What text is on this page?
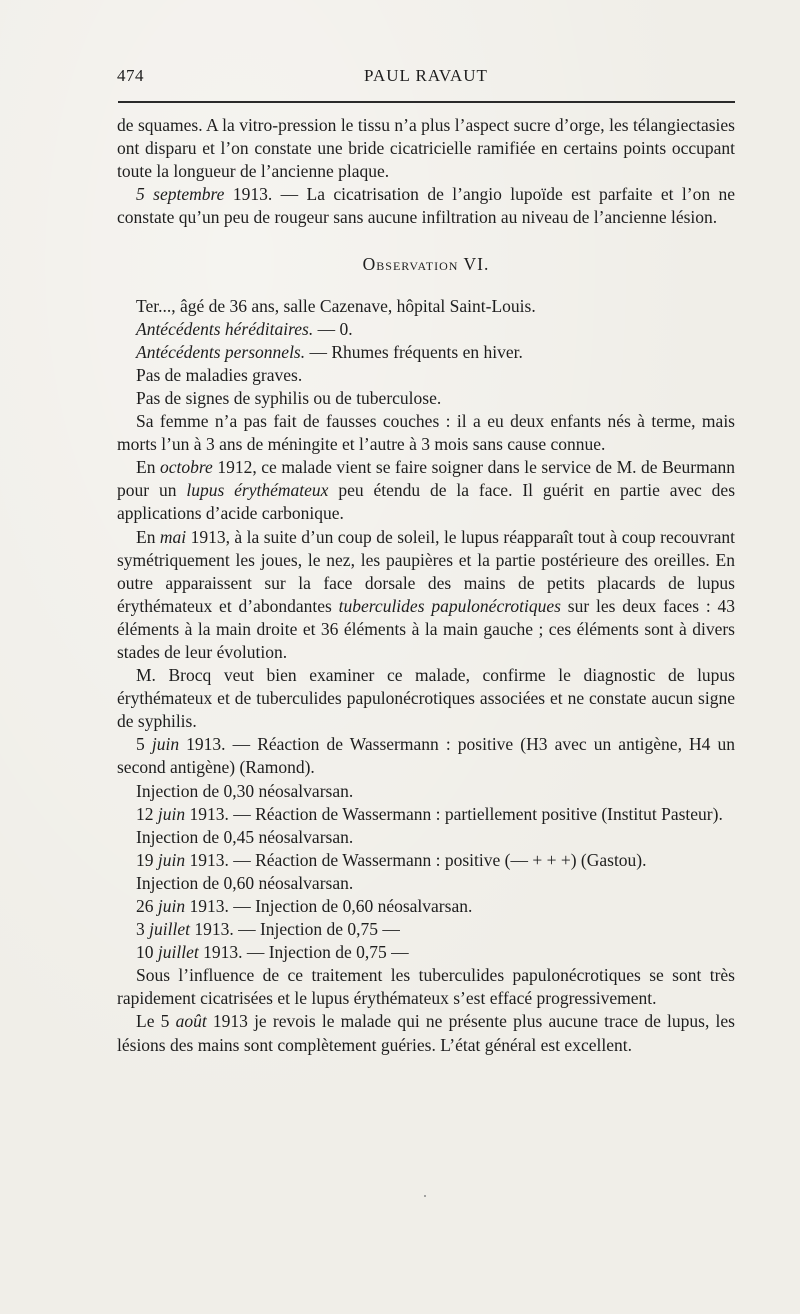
474	PAUL RAVAUT

de squames. A la vitro-pression le tissu n’a plus l’aspect sucre d’orge, les télangiectasies ont disparu et l’on constate une bride cicatricielle ramifiée en certains points occupant toute la longueur de l’ancienne plaque.

5 septembre 1913. — La cicatrisation de l’angio lupoïde est parfaite et l’on ne constate qu’un peu de rougeur sans aucune infiltration au niveau de l’ancienne lésion.

Observation VI.

Ter..., âgé de 36 ans, salle Cazenave, hôpital Saint-Louis.

Antécédents héréditaires. — 0.

Antécédents personnels. — Rhumes fréquents en hiver.

Pas de maladies graves.

Pas de signes de syphilis ou de tuberculose.

Sa femme n’a pas fait de fausses couches : il a eu deux enfants nés à terme, mais morts l’un à 3 ans de méningite et l’autre à 3 mois sans cause connue.

En octobre 1912, ce malade vient se faire soigner dans le service de M. de Beurmann pour un lupus érythémateux peu étendu de la face. Il guérit en partie avec des applications d’acide carbonique.

En mai 1913, à la suite d’un coup de soleil, le lupus réapparaît tout à coup recouvrant symétriquement les joues, le nez, les paupières et la partie postérieure des oreilles. En outre apparaissent sur la face dorsale des mains de petits placards de lupus érythémateux et d’abondantes tuberculides papulonécrotiques sur les deux faces : 43 éléments à la main droite et 36 éléments à la main gauche ; ces éléments sont à divers stades de leur évolution.

M. Brocq veut bien examiner ce malade, confirme le diagnostic de lupus érythémateux et de tuberculides papulonécrotiques associées et ne constate aucun signe de syphilis.

5 juin 1913. — Réaction de Wassermann : positive (H3 avec un antigène, H4 un second antigène) (Ramond).

Injection de 0,30 néosalvarsan.

12 juin 1913. — Réaction de Wassermann : partiellement positive (Institut Pasteur).

Injection de 0,45 néosalvarsan.

19 juin 1913. — Réaction de Wassermann : positive (— + + +) (Gastou).

Injection de 0,60 néosalvarsan.

26 juin 1913. — Injection de 0,60 néosalvarsan.

3 juillet 1913. — Injection de 0,75 —

10 juillet 1913. — Injection de 0,75 —

Sous l’influence de ce traitement les tuberculides papulonécrotiques se sont très rapidement cicatrisées et le lupus érythémateux s’est effacé progressivement.

Le 5 août 1913 je revois le malade qui ne présente plus aucune trace de lupus, les lésions des mains sont complètement guéries. L’état général est excellent.
